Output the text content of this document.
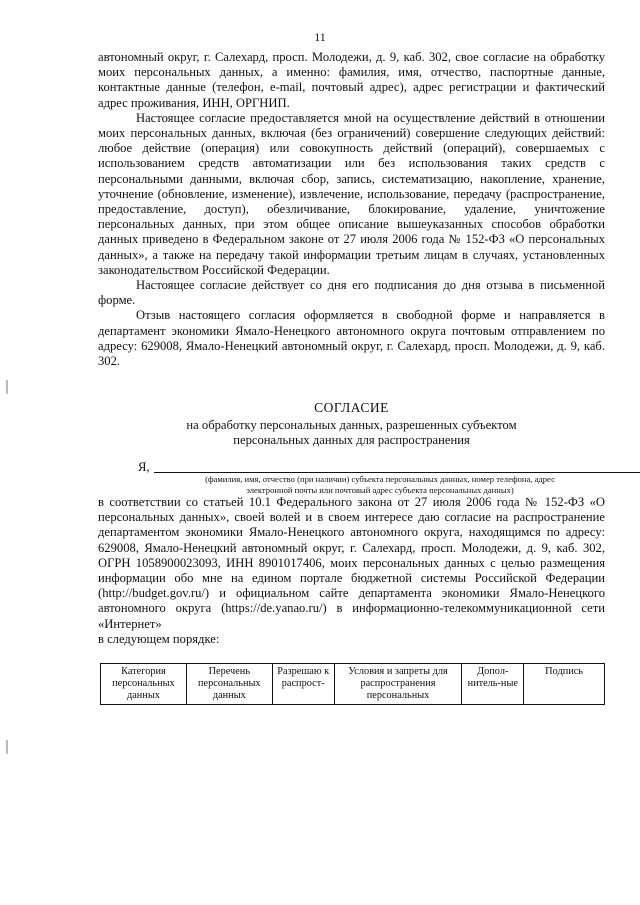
11

автономный округ, г. Салехард, просп. Молодежи, д. 9, каб. 302, свое согласие на обработку моих персональных данных, а именно: фамилия, имя, отчество, паспортные данные, контактные данные (телефон, e-mail, почтовый адрес), адрес регистрации и фактический адрес проживания, ИНН, ОРГНИП.

Настоящее согласие предоставляется мной на осуществление действий в отношении моих персональных данных, включая (без ограничений) совершение следующих действий: любое действие (операция) или совокупность действий (операций), совершаемых с использованием средств автоматизации или без использования таких средств с персональными данными, включая сбор, запись, систематизацию, накопление, хранение, уточнение (обновление, изменение), извлечение, использование, передачу (распространение, предоставление, доступ), обезличивание, блокирование, удаление, уничтожение персональных данных, при этом общее описание вышеуказанных способов обработки данных приведено в Федеральном законе от 27 июля 2006 года № 152-ФЗ «О персональных данных», а также на передачу такой информации третьим лицам в случаях, установленных законодательством Российской Федерации.

Настоящее согласие действует со дня его подписания до дня отзыва в письменной форме.

Отзыв настоящего согласия оформляется в свободной форме и направляется в департамент экономики Ямало-Ненецкого автономного округа почтовым отправлением по адресу: 629008, Ямало-Ненецкий автономный округ, г. Салехард, просп. Молодежи, д. 9, каб. 302.

СОГЛАСИЕ

на обработку персональных данных, разрешенных субъектом
персональных данных для распространения

Я,
(фамилия, имя, отчество (при наличии) субъекта персональных данных, номер телефона, адрес
электронной почты или почтовый адрес субъекта персональных данных)
в соответствии со статьей 10.1 Федерального закона от 27 июля 2006 года № 152-ФЗ «О персональных данных», своей волей и в своем интересе даю согласие на распространение департаментом экономики Ямало-Ненецкого автономного округа, находящимся по адресу: 629008, Ямало-Ненецкий автономный округ, г. Салехард, просп. Молодежи, д. 9, каб. 302, ОГРН 1058900023093, ИНН 8901017406, моих персональных данных с целью размещения информации обо мне на едином портале бюджетной системы Российской Федерации (http://budget.gov.ru/) и официальном сайте департамента экономики Ямало-Ненецкого автономного округа (https://de.yanao.ru/) в информационно-телекоммуникационной сети «Интернет»
в следующем порядке:
Категория персональных данных	Перечень персональных данных	Разрешаю к распрост-	Условия и запреты для распространения персональных	Допол-нитель-ные	Подпись
